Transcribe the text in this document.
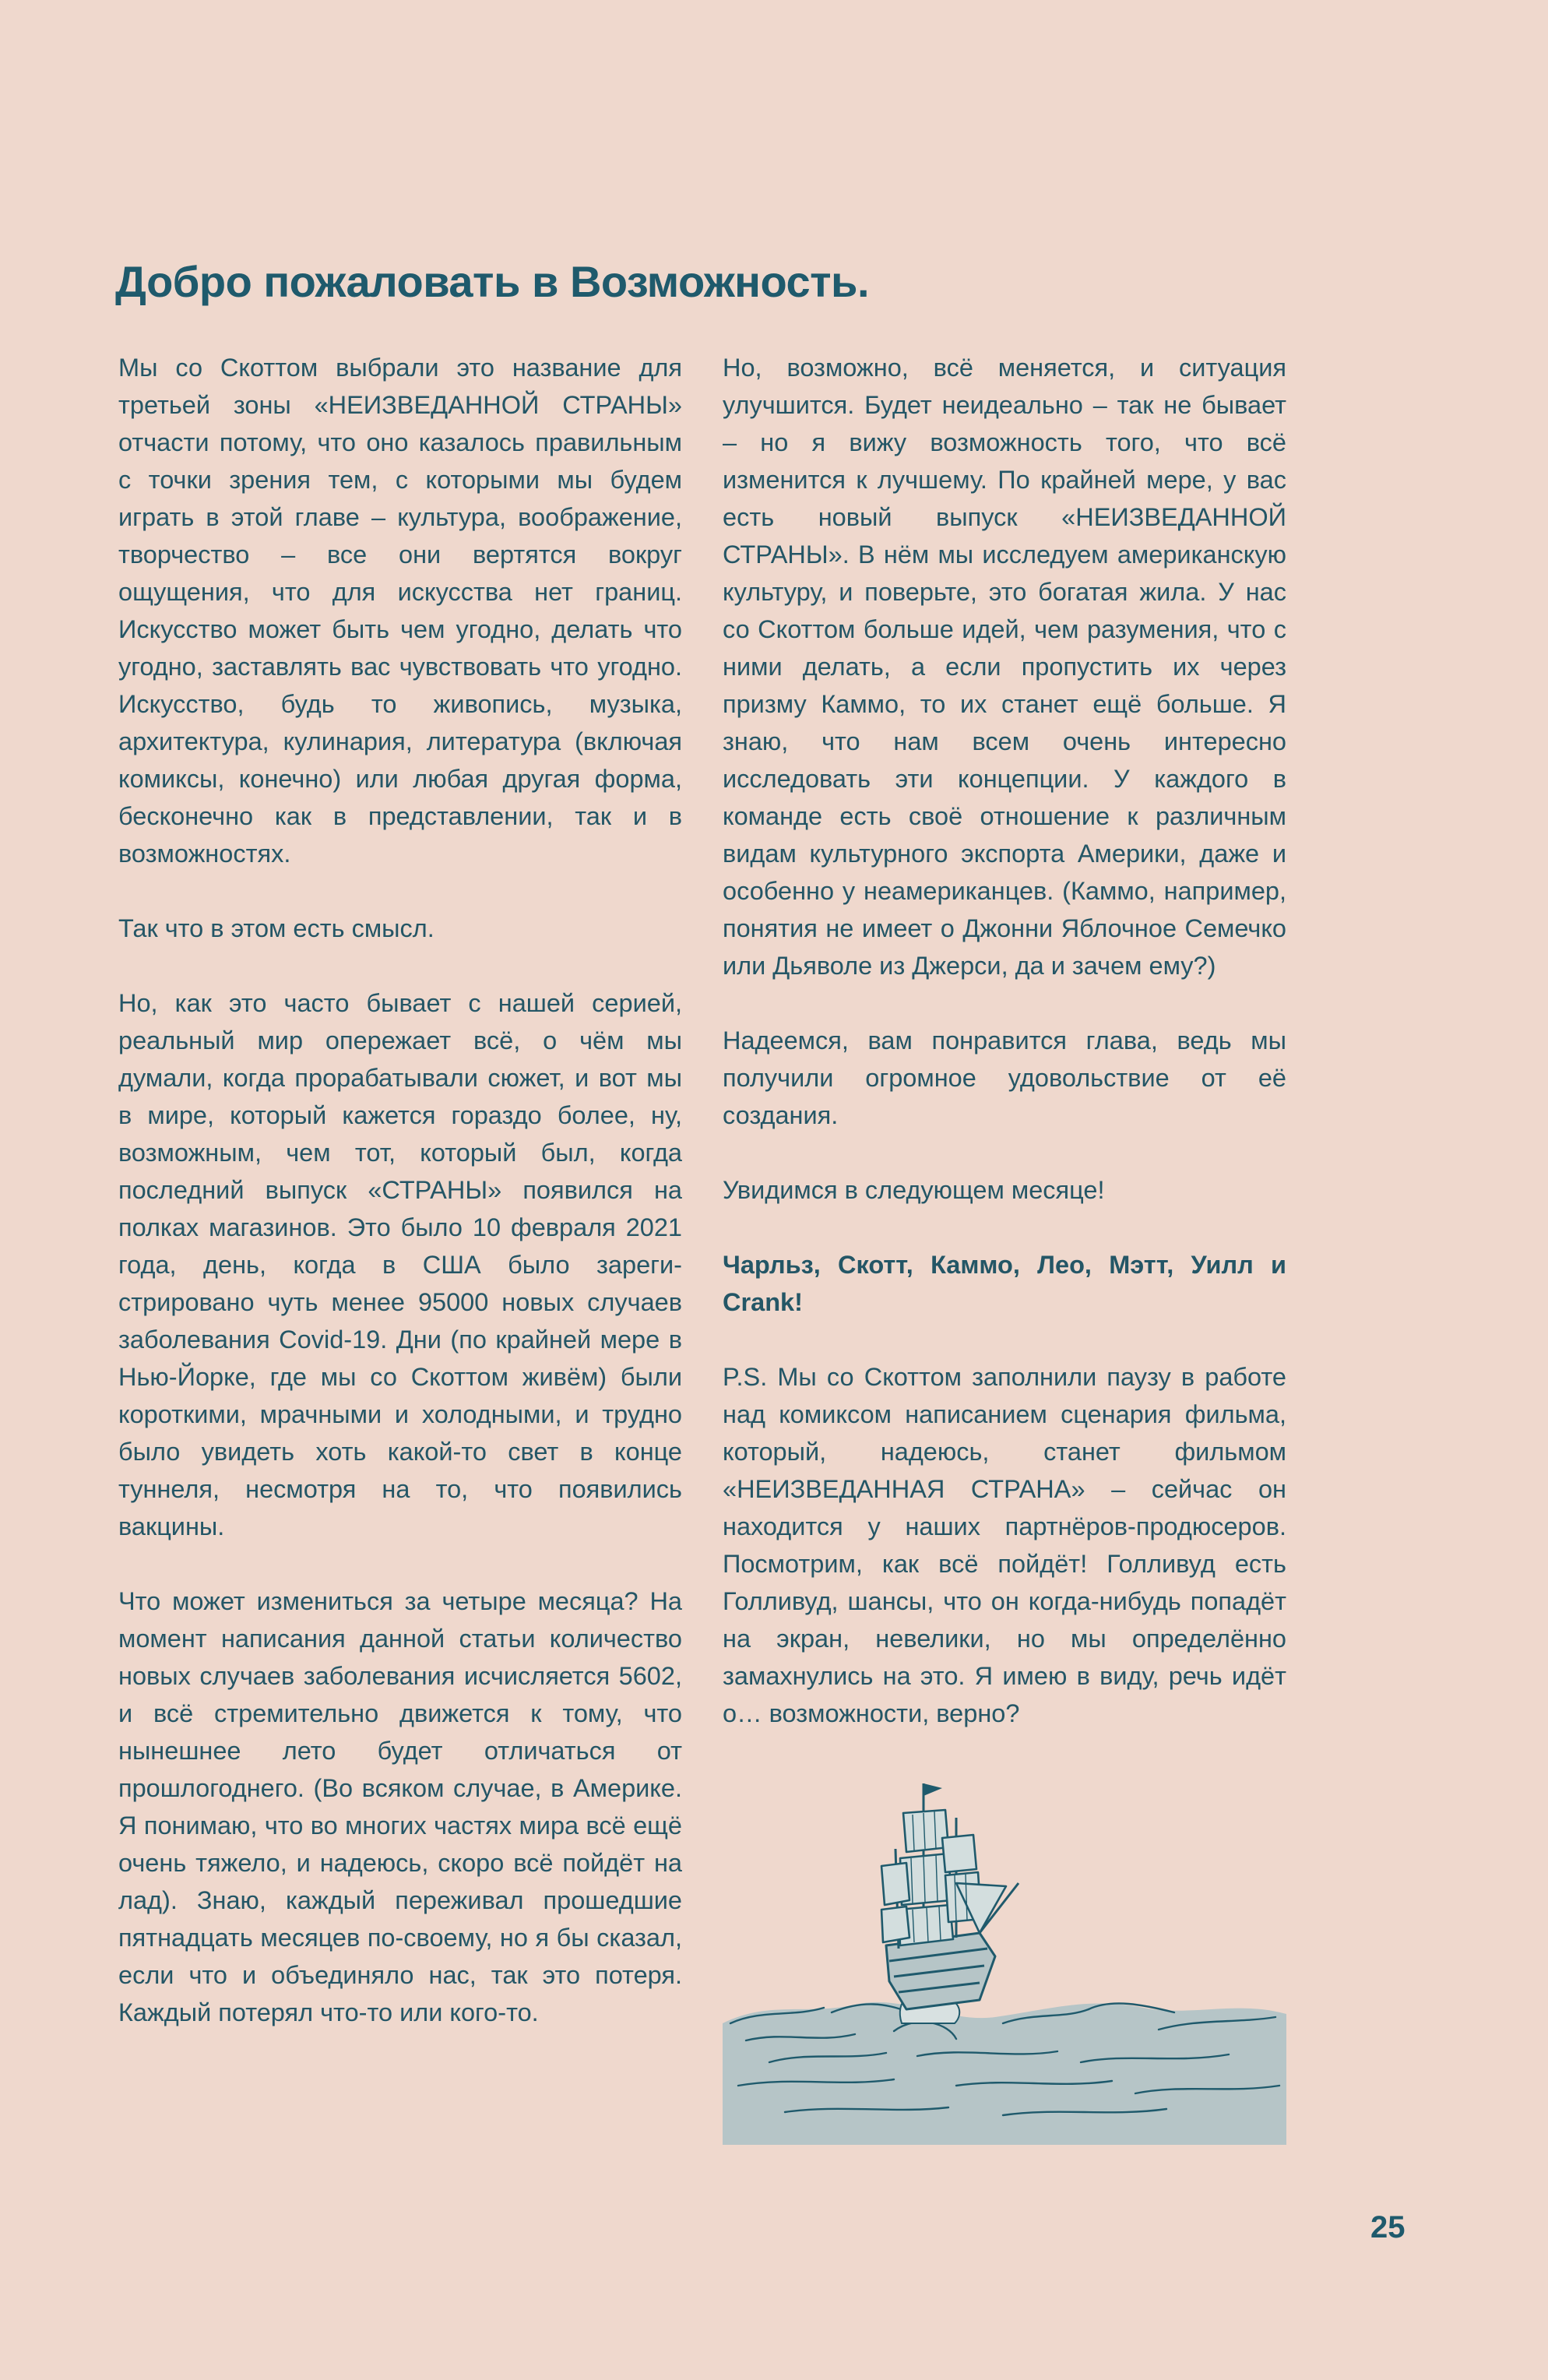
Добро пожаловать в Возможность.

Мы со Скоттом выбрали это название для третьей зоны «НЕИЗВЕДАННОЙ СТРАНЫ» отчасти потому, что оно казалось правильным с точки зрения тем, с которыми мы будем играть в этой главе – культура, воображение, творчество – все они вертятся вокруг ощущения, что для искусства нет границ. Искусство может быть чем угодно, делать что угодно, заставлять вас чувствовать что угодно. Искусство, будь то живопись, музыка, архитектура, кулинария, литература (включая комиксы, конечно) или любая другая форма, бесконечно как в представлении, так и в возможностях.

Так что в этом есть смысл.

Но, как это часто бывает с нашей серией, реальный мир опережает всё, о чём мы думали, когда прорабатывали сюжет, и вот мы в мире, который кажется гораздо более, ну, возможным, чем тот, который был, когда последний выпуск «СТРАНЫ» появился на полках магазинов. Это было 10 февраля 2021 года, день, когда в США было зарегистрировано чуть менее 95000 новых случаев заболевания Covid-19. Дни (по крайней мере в Нью-Йорке, где мы со Скоттом живём) были короткими, мрачными и холодными, и трудно было увидеть хоть какой-то свет в конце туннеля, несмотря на то, что появились вакцины.

Что может измениться за четыре месяца? На момент написания данной статьи количество новых случаев заболевания исчисляется 5602, и всё стремительно движется к тому, что нынешнее лето будет отличаться от прошлогоднего. (Во всяком случае, в Америке. Я понимаю, что во многих частях мира всё ещё очень тяжело, и надеюсь, скоро всё пойдёт на лад). Знаю, каждый переживал прошедшие пятнадцать месяцев по-своему, но я бы сказал, если что и объединяло нас, так это потеря. Каждый потерял что-то или кого-то.

Но, возможно, всё меняется, и ситуация улучшится. Будет неидеально – так не бывает – но я вижу возможность того, что всё изменится к лучшему. По крайней мере, у вас есть новый выпуск «НЕИЗВЕДАННОЙ СТРАНЫ». В нём мы исследуем американскую культуру, и поверьте, это богатая жила. У нас со Скоттом больше идей, чем разумения, что с ними делать, а если пропустить их через призму Каммо, то их станет ещё больше. Я знаю, что нам всем очень интересно исследовать эти концепции. У каждого в команде есть своё отношение к различным видам культурного экспорта Америки, даже и особенно у неамериканцев. (Каммо, например, понятия не имеет о Джонни Яблочное Семечко или Дьяволе из Джерси, да и зачем ему?)

Надеемся, вам понравится глава, ведь мы получили огромное удовольствие от её создания.

Увидимся в следующем месяце!

Чарльз, Скотт, Каммо, Лео, Мэтт, Уилл и Crank!

P.S. Мы со Скоттом заполнили паузу в работе над комиксом написанием сценария фильма, который, надеюсь, станет фильмом «НЕИЗВЕДАННАЯ СТРАНА» – сейчас он находится у наших партнёров-продюсеров. Посмотрим, как всё пойдёт! Голливуд есть Голливуд, шансы, что он когда-нибудь попадёт на экран, невелики, но мы определённо замахнулись на это. Я имею в виду, речь идёт о… возможности, верно?

25
